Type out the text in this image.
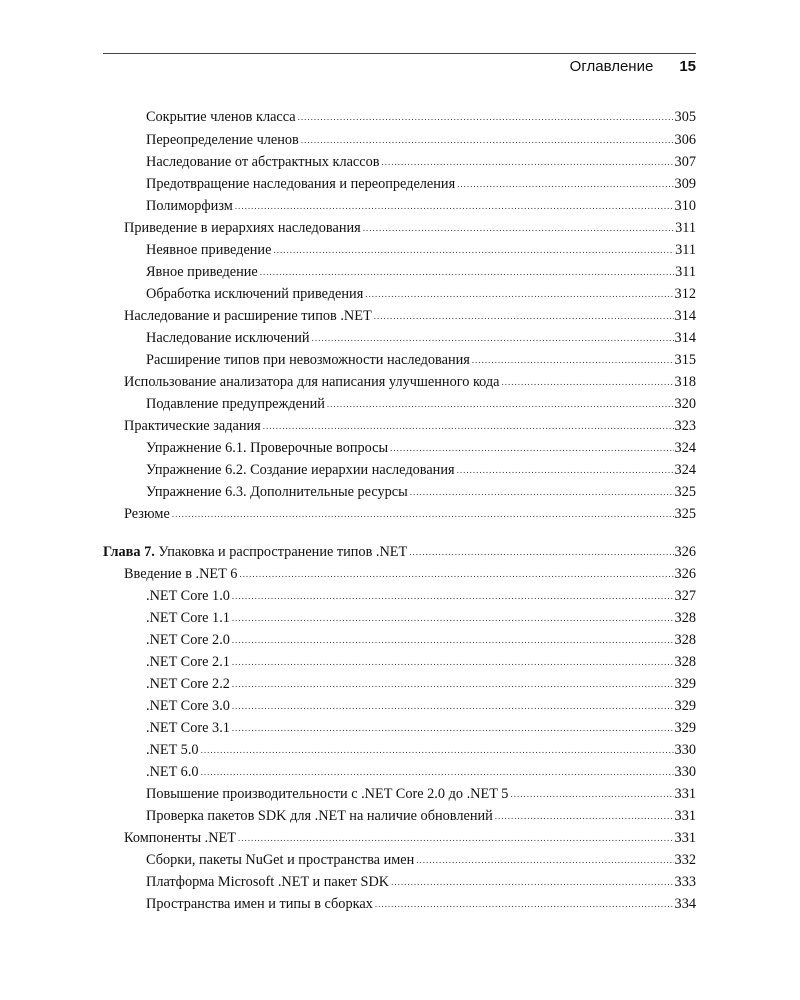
Оглавление 15
Сокрытие членов класса .....	305
Переопределение членов .....	306
Наследование от абстрактных классов .....	307
Предотвращение наследования и переопределения .....	309
Полиморфизм .....	310
Приведение в иерархиях наследования .....	311
Неявное приведение .....	311
Явное приведение .....	311
Обработка исключений приведения .....	312
Наследование и расширение типов .NET .....	314
Наследование исключений .....	314
Расширение типов при невозможности наследования .....	315
Использование анализатора для написания улучшенного кода .....	318
Подавление предупреждений .....	320
Практические задания .....	323
Упражнение 6.1. Проверочные вопросы .....	324
Упражнение 6.2. Создание иерархии наследования .....	324
Упражнение 6.3. Дополнительные ресурсы .....	325
Резюме .....	325
Глава 7. Упаковка и распространение типов .NET .....	326
Введение в .NET 6 .....	326
.NET Core 1.0 .....	327
.NET Core 1.1 .....	328
.NET Core 2.0 .....	328
.NET Core 2.1 .....	328
.NET Core 2.2 .....	329
.NET Core 3.0 .....	329
.NET Core 3.1 .....	329
.NET 5.0 .....	330
.NET 6.0 .....	330
Повышение производительности с .NET Core 2.0 до .NET 5 .....	331
Проверка пакетов SDK для .NET на наличие обновлений .....	331
Компоненты .NET .....	331
Сборки, пакеты NuGet и пространства имен .....	332
Платформа Microsoft .NET и пакет SDK .....	333
Пространства имен и типы в сборках .....	334
